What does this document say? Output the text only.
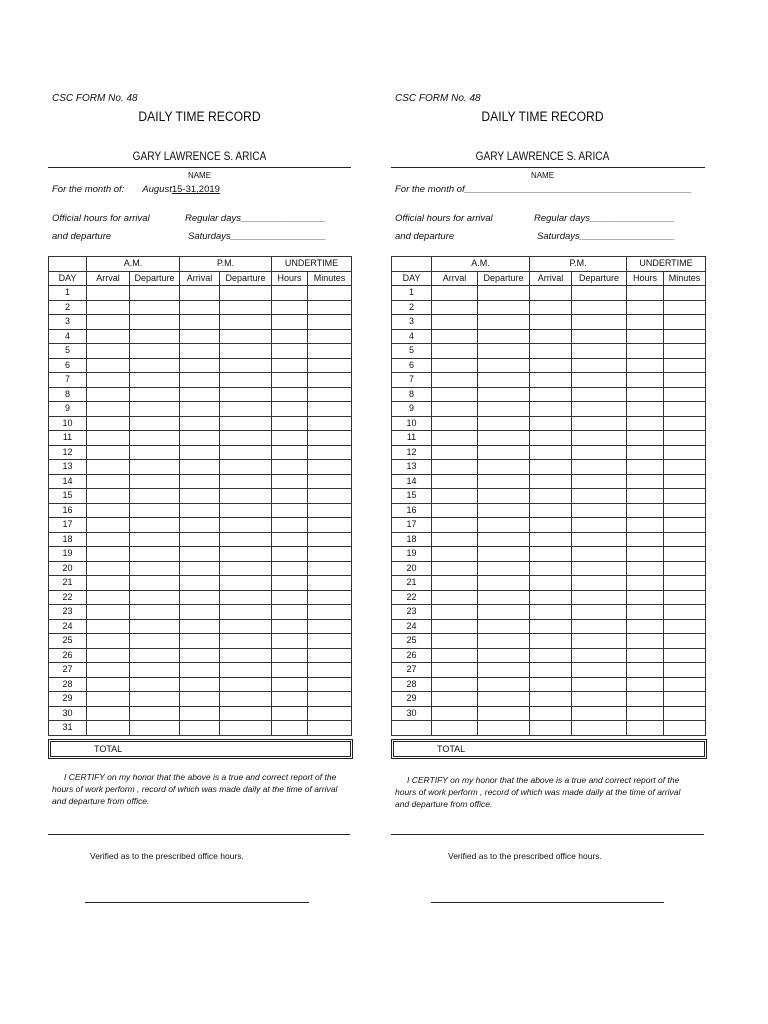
CSC FORM No. 48
DAILY TIME RECORD
GARY LAWRENCE S. ARICA
NAME
For the month of: August15-31,2019
Official hours for arrival
and departure
Regular days________________
Saturdays__________________
	A.M.		P.M.		UNDERTIME	
DAY	Arrval	Departure	Arrival	Departure	Hours	Minutes
1						
2						
3						
4						
5						
6						
7						
8						
9						
10						
11						
12						
13						
14						
15						
16						
17						
18						
19						
20						
21						
22						
23						
24						
25						
26						
27						
28						
29						
30						
31						
TOTAL
I CERTIFY on my honor that the above is a true and correct report of the hours of work perform , record of which was made daily at the time of arrival and departure from office.
Verified as to the prescribed office hours.
CSC FORM No. 48
DAILY TIME RECORD
GARY LAWRENCE S. ARICA
NAME
For the month of___________________________________________
Official hours for arrival
and departure
Regular days________________
Saturdays__________________
	A.M.		P.M.		UNDERTIME	
DAY	Arrval	Departure	Arrival	Departure	Hours	Minutes
1						
2						
3						
4						
5						
6						
7						
8						
9						
10						
11						
12						
13						
14						
15						
16						
17						
18						
19						
20						
21						
22						
23						
24						
25						
26						
27						
28						
29						
30						

TOTAL
I CERTIFY on my honor that the above is a true and correct report of the hours of work perform , record of which was made daily at the time of arrival and departure from office.
Verified as to the prescribed office hours.
